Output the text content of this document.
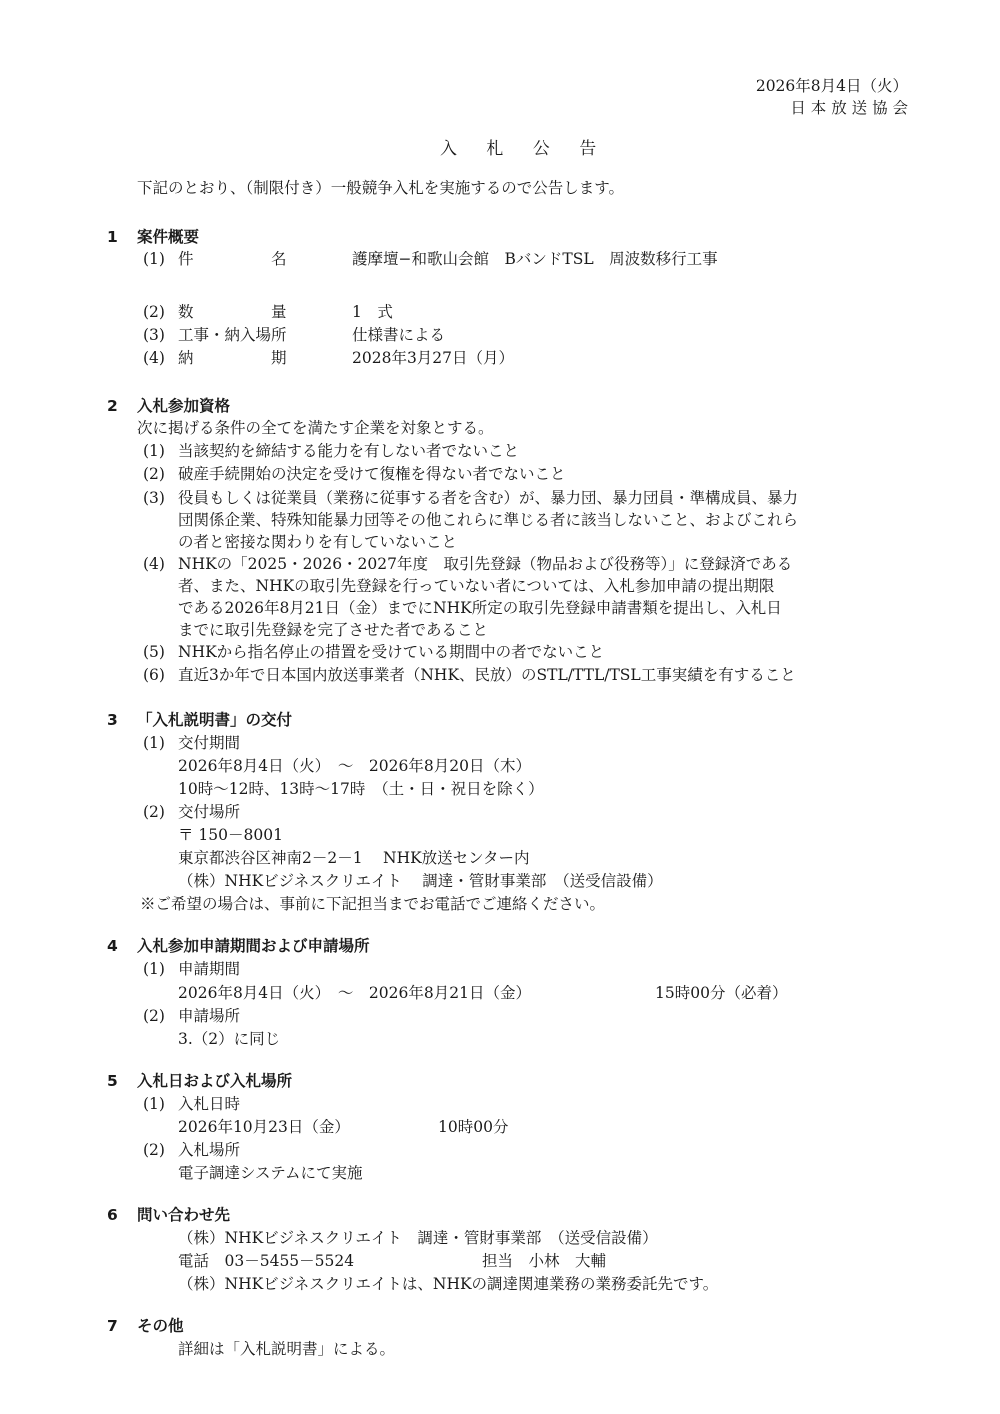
2026年8月4日（火）
日 本 放 送 協 会
入 札 公 告
下記のとおり、（制限付き）一般競争入札を実施するので公告します。
1 案件概要
(1) 件　　　　　名	護摩壇−和歌山会館　BバンドTSL　周波数移行工事
(2) 数　　　　　量	1　式
(3) 工事・納入場所	仕様書による
(4) 納　　　　　期	2028年3月27日（月）
2 入札参加資格
次に掲げる条件の全てを満たす企業を対象とする。
(1) 当該契約を締結する能力を有しない者でないこと
(2) 破産手続開始の決定を受けて復権を得ない者でないこと
(3) 役員もしくは従業員（業務に従事する者を含む）が、暴力団、暴力団員・準構成員、暴力
団関係企業、特殊知能暴力団等その他これらに準じる者に該当しないこと、およびこれら
の者と密接な関わりを有していないこと
(4) NHKの「2025・2026・2027年度　取引先登録（物品および役務等）」に登録済である
者、また、NHKの取引先登録を行っていない者については、入札参加申請の提出期限
である2026年8月21日（金）までにNHK所定の取引先登録申請書類を提出し、入札日
までに取引先登録を完了させた者であること
(5) NHKから指名停止の措置を受けている期間中の者でないこと
(6) 直近3か年で日本国内放送事業者（NHK、民放）のSTL/TTL/TSL工事実績を有すること
3 「入札説明書」の交付
(1) 交付期間
2026年8月4日（火）　～　2026年8月20日（木）
10時～12時、13時～17時　（土・日・祝日を除く）
(2) 交付場所
〒 150－8001
東京都渋谷区神南2－2－1　 NHK放送センター内
（株）NHKビジネスクリエイト　 調達・管財事業部　（送受信設備）
※ご希望の場合は、事前に下記担当までお電話でご連絡ください。
4 入札参加申請期間および申請場所
(1) 申請期間
2026年8月4日（火）　～　2026年8月21日（金）	15時00分（必着）
(2) 申請場所
3.（2）に同じ
5 入札日および入札場所
(1) 入札日時
2026年10月23日（金）	10時00分
(2) 入札場所
電子調達システムにて実施
6 問い合わせ先
（株）NHKビジネスクリエイト　調達・管財事業部　（送受信設備）
電話　03－5455－5524	担当　小林　大輔
（株）NHKビジネスクリエイトは、NHKの調達関連業務の業務委託先です。
7 その他
詳細は「入札説明書」による。
